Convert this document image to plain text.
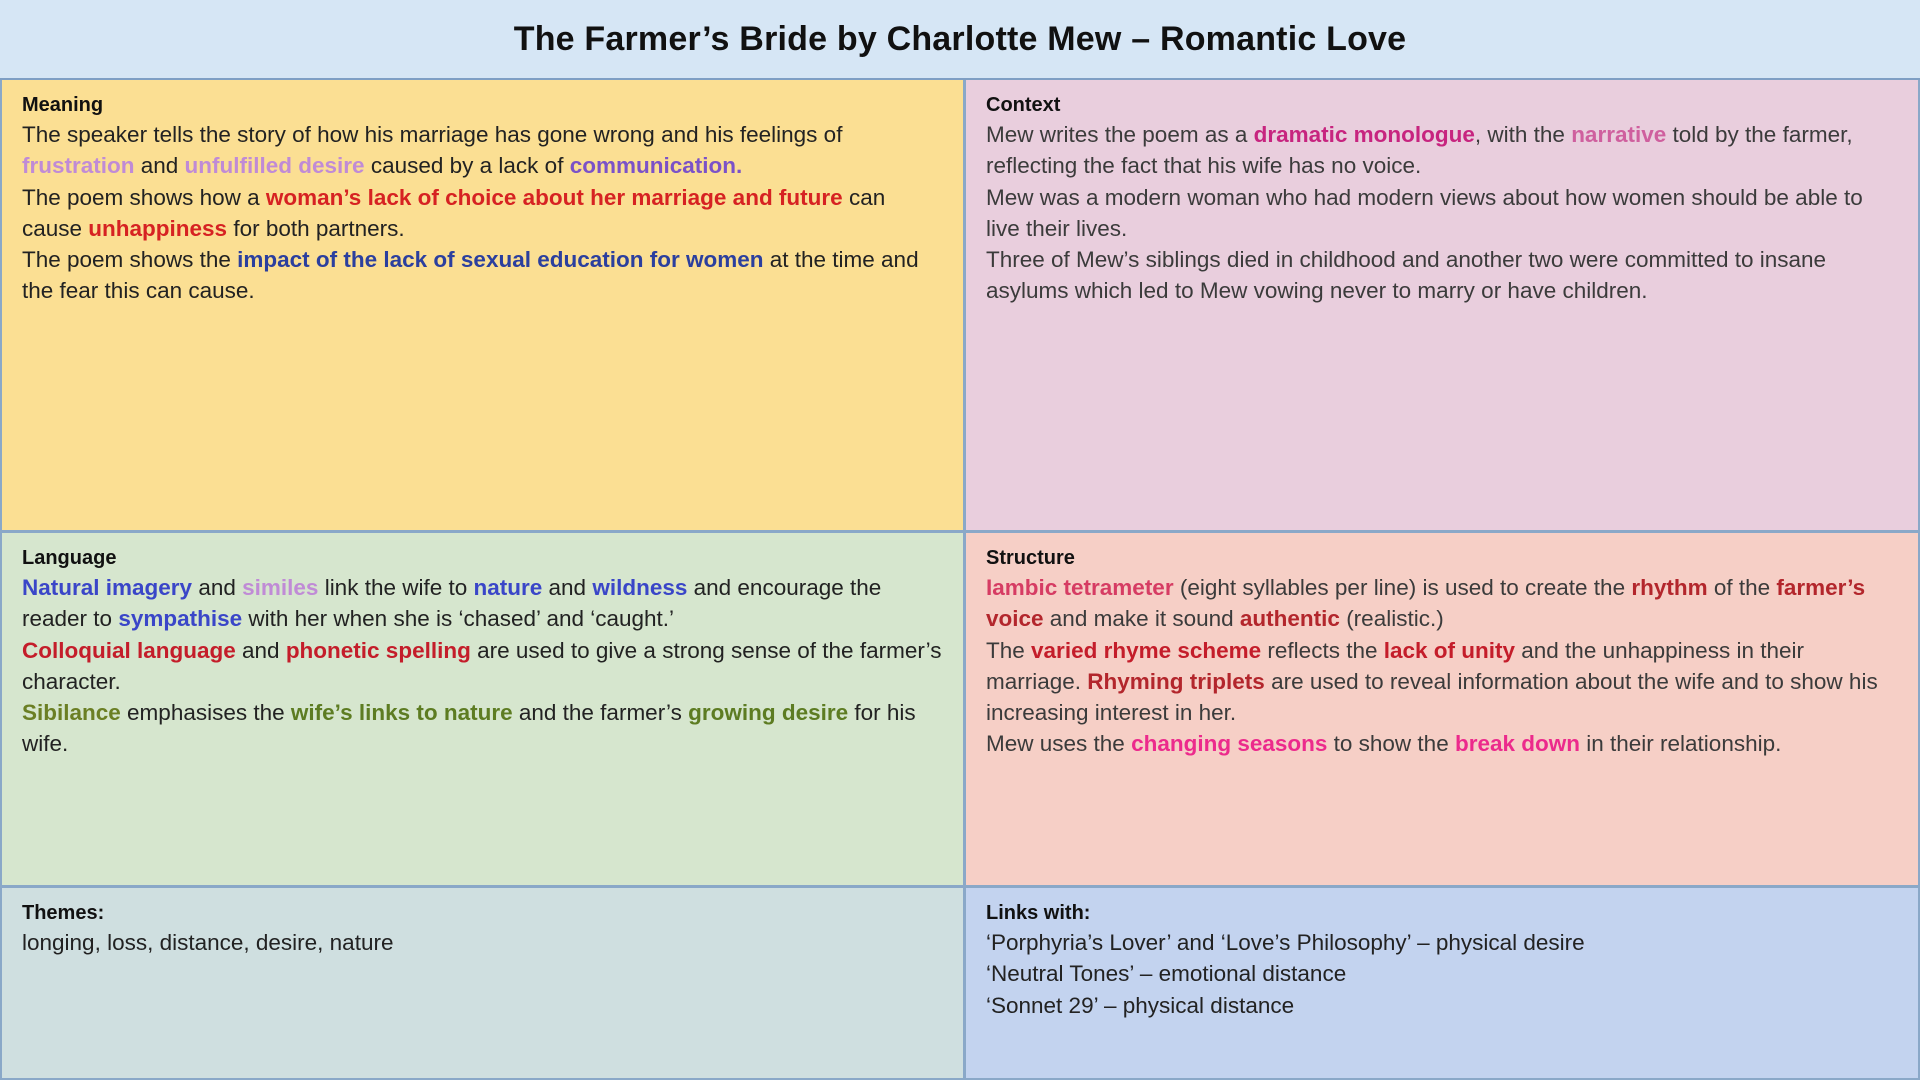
The Farmer’s Bride by Charlotte Mew – Romantic Love
Meaning

The speaker tells the story of how his marriage has gone wrong and his feelings of frustration and unfulfilled desire caused by a lack of communication.

The poem shows how a woman’s lack of choice about her marriage and future can cause unhappiness for both partners.

The poem shows the impact of the lack of sexual education for women at the time and the fear this can cause.

Context

Mew writes the poem as a dramatic monologue, with the narrative told by the farmer, reflecting the fact that his wife has no voice.

Mew was a modern woman who had modern views about how women should be able to live their lives.

Three of Mew’s siblings died in childhood and another two were committed to insane asylums which led to Mew vowing never to marry or have children.

Language

Natural imagery and similes link the wife to nature and wildness and encourage the reader to sympathise with her when she is ‘chased’ and ‘caught.’

Colloquial language and phonetic spelling are used to give a strong sense of the farmer’s character.

Sibilance emphasises the wife’s links to nature and the farmer’s growing desire for his wife.

Structure

Iambic tetrameter (eight syllables per line) is used to create the rhythm of the farmer’s voice and make it sound authentic (realistic.)

The varied rhyme scheme reflects the lack of unity and the unhappiness in their marriage. Rhyming triplets are used to reveal information about the wife and to show his increasing interest in her.

Mew uses the changing seasons to show the break down in their relationship.

Themes:

longing, loss, distance, desire, nature

Links with:

‘Porphyria’s Lover’ and ‘Love’s Philosophy’ – physical desire

‘Neutral Tones’ – emotional distance

‘Sonnet 29’ – physical distance
